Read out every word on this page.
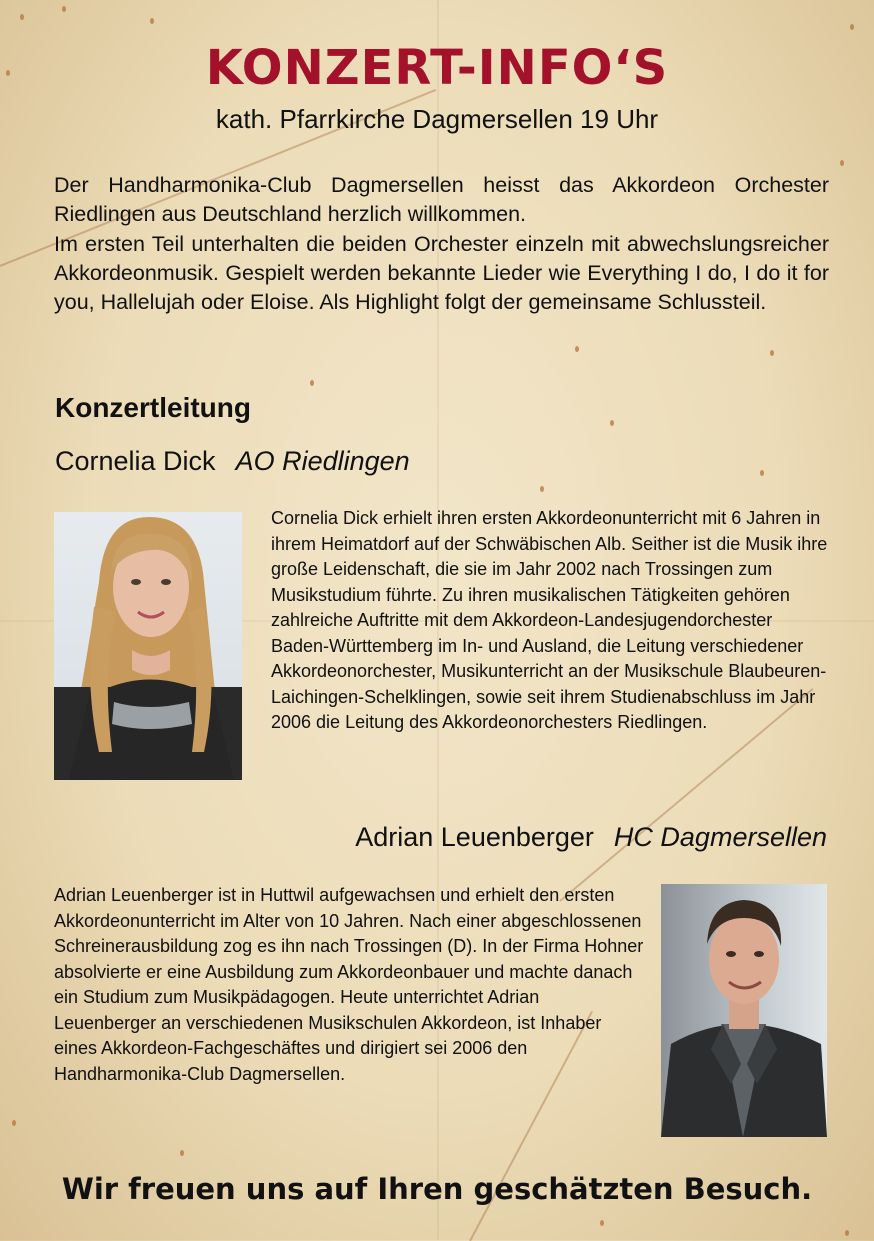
KONZERT-INFO‘S

kath. Pfarrkirche Dagmersellen 19 Uhr

Der Handharmonika-Club Dagmersellen heisst das Akkordeon Orchester Riedlingen aus Deutschland herzlich willkommen.

Im ersten Teil unterhalten die beiden Orchester einzeln mit abwechslungsreicher Akkordeonmusik. Gespielt werden bekannte Lieder wie Everything I do, I do it for you, Hallelujah oder Eloise. Als Highlight folgt der gemeinsame Schlussteil.

Konzertleitung
Cornelia Dick AO Riedlingen

Cornelia Dick erhielt ihren ersten Akkordeonunterricht mit 6 Jahren in ihrem Heimatdorf auf der Schwäbischen Alb. Seither ist die Musik ihre große Leidenschaft, die sie im Jahr 2002 nach Trossingen zum Musikstudium führte. Zu ihren musikalischen Tätigkeiten gehören zahlreiche Auftritte mit dem Akkordeon-Landesjugendorchester Baden-Württemberg im In- und Ausland, die Leitung verschiedener Akkordeonorchester, Musikunterricht an der Musikschule Blaubeuren-Laichingen-Schelklingen, sowie seit ihrem Studienabschluss im Jahr 2006 die Leitung des Akkordeonorchesters Riedlingen.

Adrian Leuenberger HC Dagmersellen

Adrian Leuenberger ist in Huttwil aufgewachsen und erhielt den ersten Akkordeonunterricht im Alter von 10 Jahren. Nach einer abgeschlossenen Schreinerausbildung zog es ihn nach Trossingen (D). In der Firma Hohner absolvierte er eine Ausbildung zum Akkordeonbauer und machte danach ein Studium zum Musikpädagogen. Heute unterrichtet Adrian Leuenberger an verschiedenen Musikschulen Akkordeon, ist Inhaber eines Akkordeon-Fachgeschäftes und dirigiert sei 2006 den Handharmonika-Club Dagmersellen.

Wir freuen uns auf Ihren geschätzten Besuch.
